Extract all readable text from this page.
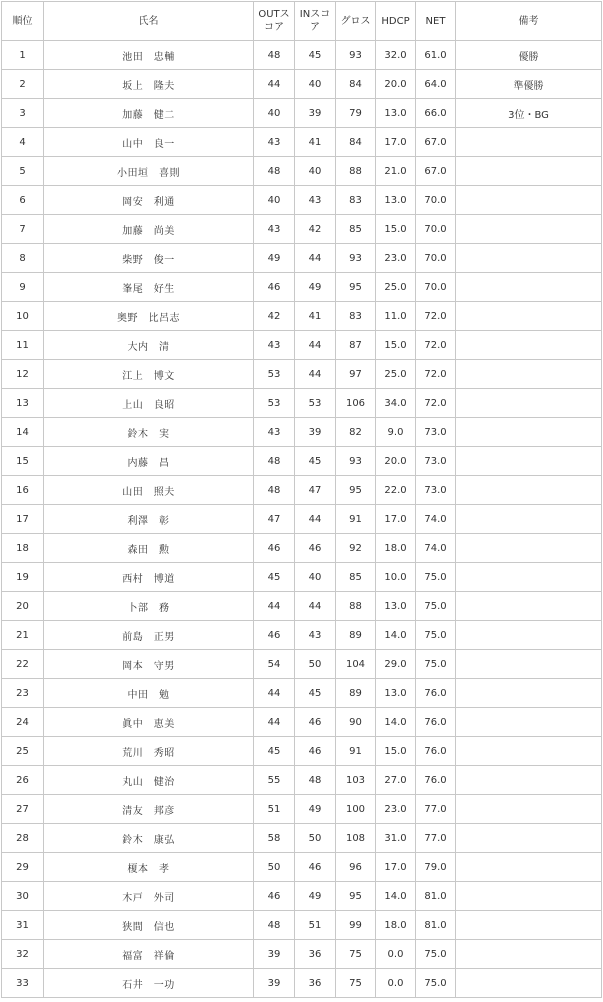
順位	氏名	OUTスコア	INスコア	グロス	HDCP	NET	備考
1	池田　忠輔	48	45	93	32.0	61.0	優勝
2	坂上　隆夫	44	40	84	20.0	64.0	準優勝
3	加藤　健二	40	39	79	13.0	66.0	3位・BG
4	山中　良一	43	41	84	17.0	67.0	
5	小田垣　喜則	48	40	88	21.0	67.0	
6	岡安　利通	40	43	83	13.0	70.0	
7	加藤　尚美	43	42	85	15.0	70.0	
8	柴野　俊一	49	44	93	23.0	70.0	
9	峯尾　好生	46	49	95	25.0	70.0	
10	奥野　比呂志	42	41	83	11.0	72.0	
11	大内　清	43	44	87	15.0	72.0	
12	江上　博文	53	44	97	25.0	72.0	
13	上山　良昭	53	53	106	34.0	72.0	
14	鈴木　実	43	39	82	9.0	73.0	
15	内藤　昌	48	45	93	20.0	73.0	
16	山田　照夫	48	47	95	22.0	73.0	
17	利澤　彰	47	44	91	17.0	74.0	
18	森田　勲	46	46	92	18.0	74.0	
19	西村　博道	45	40	85	10.0	75.0	
20	卜部　務	44	44	88	13.0	75.0	
21	前島　正男	46	43	89	14.0	75.0	
22	岡本　守男	54	50	104	29.0	75.0	
23	中田　勉	44	45	89	13.0	76.0	
24	眞中　恵美	44	46	90	14.0	76.0	
25	荒川　秀昭	45	46	91	15.0	76.0	
26	丸山　健治	55	48	103	27.0	76.0	
27	清友　邦彦	51	49	100	23.0	77.0	
28	鈴木　康弘	58	50	108	31.0	77.0	
29	榎本　孝	50	46	96	17.0	79.0	
30	木戸　外司	46	49	95	14.0	81.0	
31	狭間　信也	48	51	99	18.0	81.0	
32	福富　祥倫	39	36	75	0.0	75.0	
33	石井　一功	39	36	75	0.0	75.0	
